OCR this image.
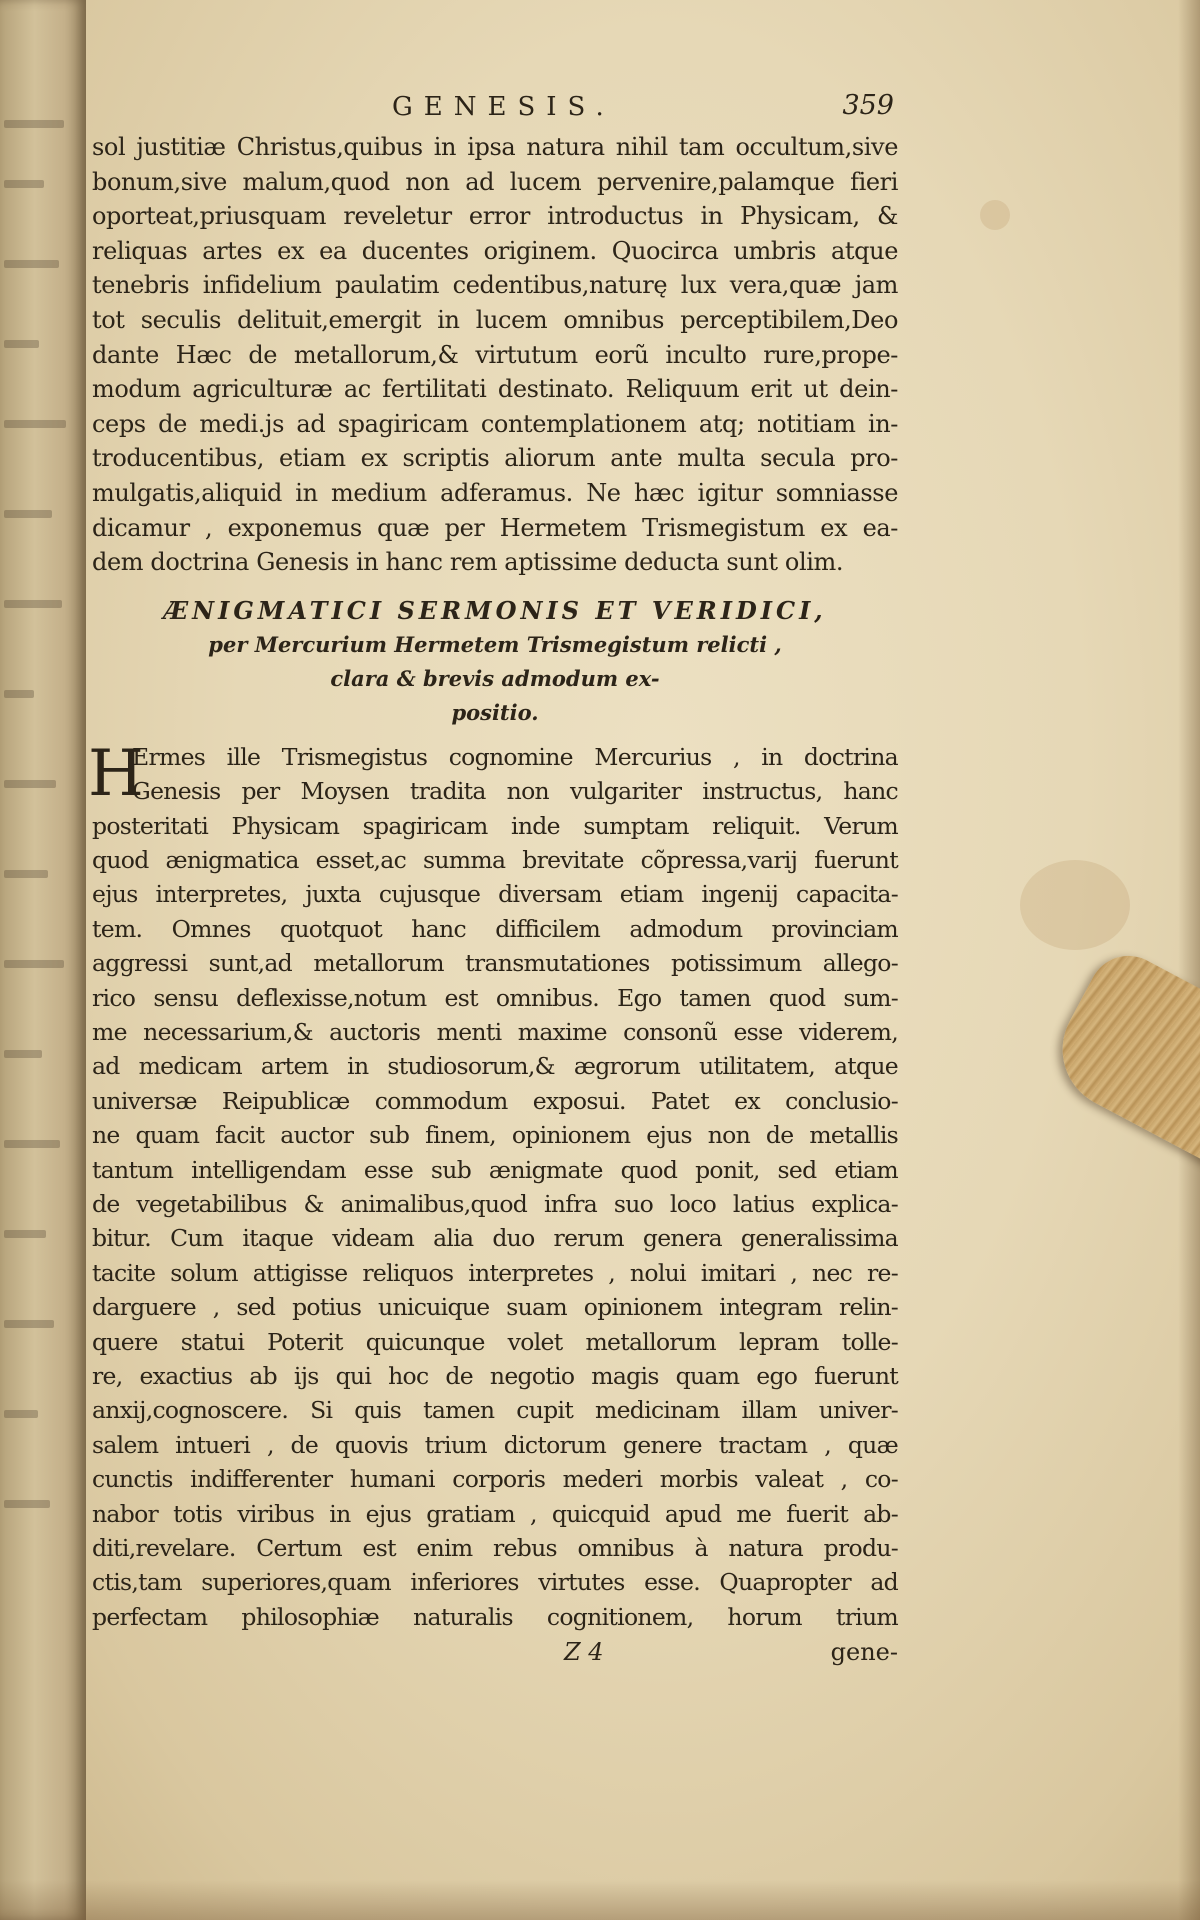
GENESIS.	359
sol justitiæ Christus,quibus in ipsa natura nihil tam occultum,sive
bonum,sive malum,quod non ad lucem pervenire,palamque fieri
oporteat,priusquam reveletur error introductus in Physicam, &
reliquas artes ex ea ducentes originem. Quocirca umbris atque
tenebris infidelium paulatim cedentibus,naturę lux vera,quæ jam
tot seculis delituit,emergit in lucem omnibus perceptibilem,Deo
dante Hæc de metallorum,& virtutum eorũ inculto rure,prope-
modum agriculturæ ac fertilitati destinato. Reliquum erit ut dein-
ceps de medi.js ad spagiricam contemplationem atq; notitiam in-
troducentibus, etiam ex scriptis aliorum ante multa secula pro-
mulgatis,aliquid in medium adferamus. Ne hæc igitur somniasse
dicamur , exponemus quæ per Hermetem Trismegistum ex ea-
dem doctrina Genesis in hanc rem aptissime deducta sunt olim.
ÆNIGMATICI SERMONIS ET VERIDICI,
per Mercurium Hermetem Trismegistum relicti ,
clara & brevis admodum ex-
positio.
H
Ermes ille Trismegistus cognomine Mercurius , in doctrina
Genesis per Moysen tradita non vulgariter instructus, hanc
posteritati Physicam spagiricam inde sumptam reliquit. Verum
quod ænigmatica esset,ac summa brevitate cõpressa,varij fuerunt
ejus interpretes, juxta cujusque diversam etiam ingenij capacita-
tem. Omnes quotquot hanc difficilem admodum provinciam
aggressi sunt,ad metallorum transmutationes potissimum allego-
rico sensu deflexisse,notum est omnibus. Ego tamen quod sum-
me necessarium,& auctoris menti maxime consonũ esse viderem,
ad medicam artem in studiosorum,& ægrorum utilitatem, atque
universæ Reipublicæ commodum exposui. Patet ex conclusio-
ne quam facit auctor sub finem, opinionem ejus non de metallis
tantum intelligendam esse sub ænigmate quod ponit, sed etiam
de vegetabilibus & animalibus,quod infra suo loco latius explica-
bitur. Cum itaque videam alia duo rerum genera generalissima
tacite solum attigisse reliquos interpretes , nolui imitari , nec re-
darguere , sed potius unicuique suam opinionem integram relin-
quere statui Poterit quicunque volet metallorum lepram tolle-
re, exactius ab ijs qui hoc de negotio magis quam ego fuerunt
anxij,cognoscere. Si quis tamen cupit medicinam illam univer-
salem intueri , de quovis trium dictorum genere tractam , quæ
cunctis indifferenter humani corporis mederi morbis valeat , co-
nabor totis viribus in ejus gratiam , quicquid apud me fuerit ab-
diti,revelare. Certum est enim rebus omnibus à natura produ-
ctis,tam superiores,quam inferiores virtutes esse. Quapropter ad
perfectam philosophiæ naturalis cognitionem, horum trium
Z 4	gene-
